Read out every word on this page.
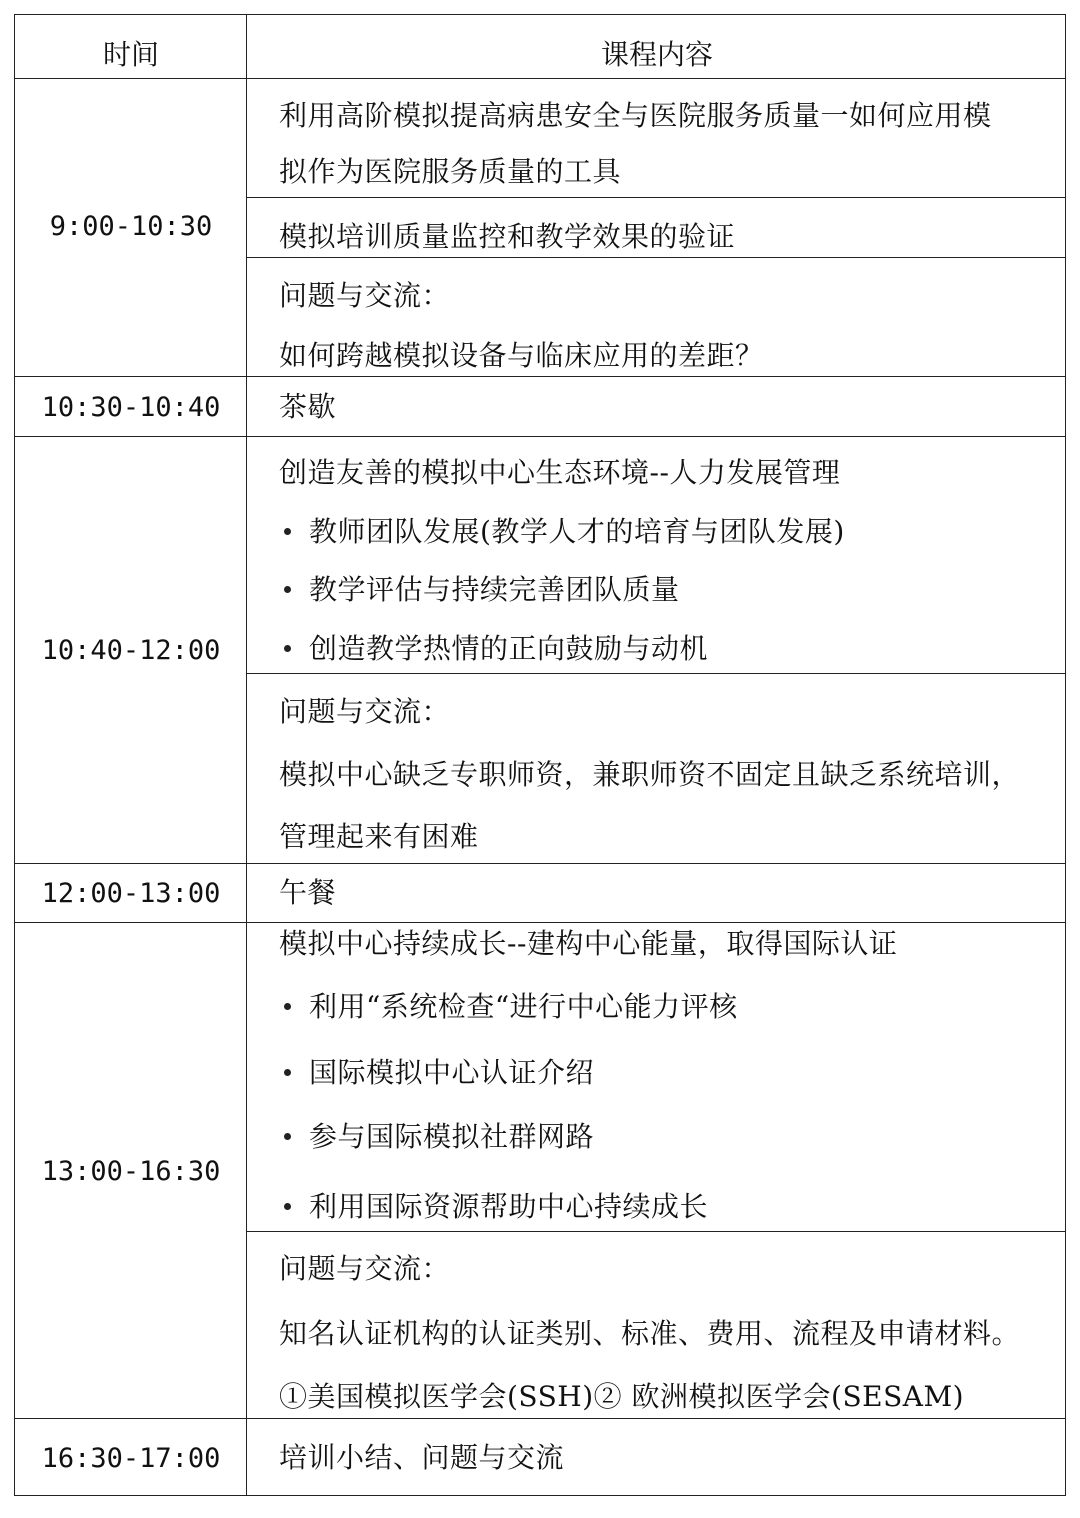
时间	课程内容
9:00-10:30
10:30-10:40
10:40-12:00
12:00-13:00
13:00-16:30
16:30-17:00
利用高阶模拟提高病患安全与医院服务质量一如何应用模
拟作为医院服务质量的工具
模拟培训质量监控和教学效果的验证
问题与交流：
如何跨越模拟设备与临床应用的差距？
茶歇
创造友善的模拟中心生态环境--人力发展管理
教师团队发展(教学人才的培育与团队发展)
教学评估与持续完善团队质量
创造教学热情的正向鼓励与动机
问题与交流：
模拟中心缺乏专职师资，兼职师资不固定且缺乏系统培训，
管理起来有困难
午餐
模拟中心持续成长--建构中心能量，取得国际认证
利用“系统检查“进行中心能力评核
国际模拟中心认证介绍
参与国际模拟社群网路
利用国际资源帮助中心持续成长
问题与交流：
知名认证机构的认证类别、标准、费用、流程及申请材料。
①美国模拟医学会(SSH)② 欧洲模拟医学会(SESAM)
培训小结、问题与交流
